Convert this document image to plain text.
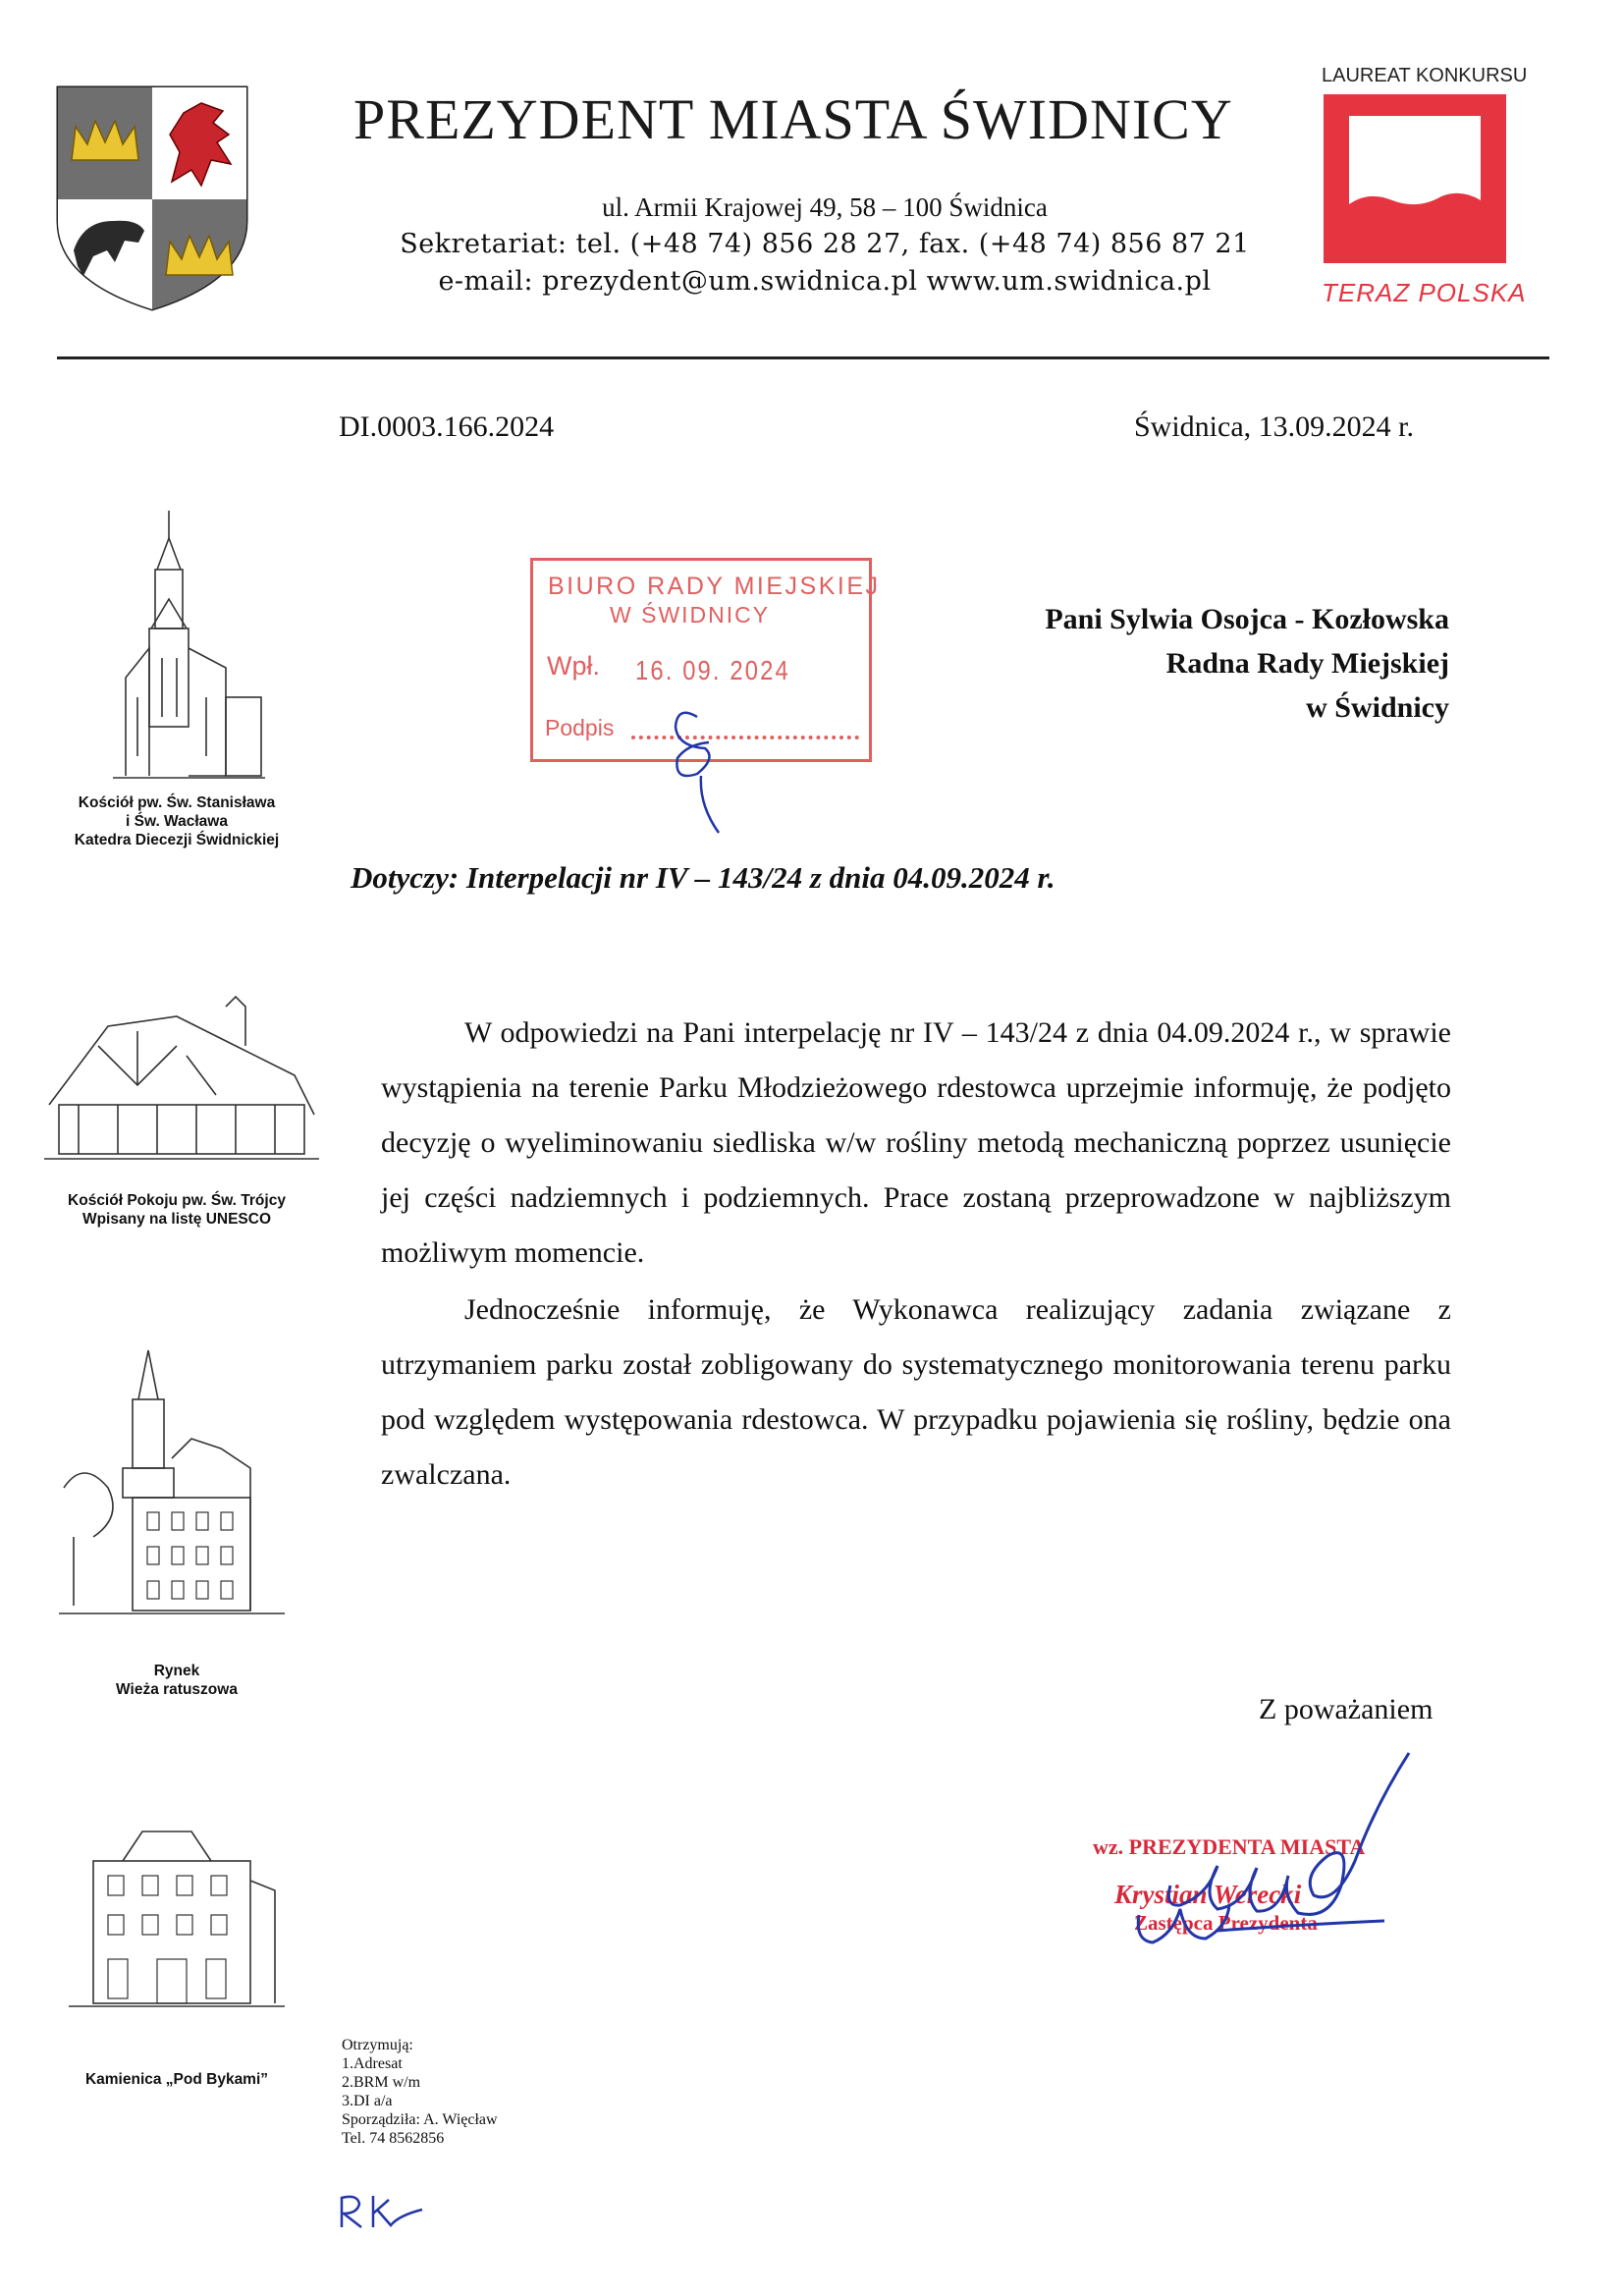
PREZYDENT MIASTA ŚWIDNICY
ul. Armii Krajowej 49, 58 – 100 Świdnica
Sekretariat: tel. (+48 74) 856 28 27, fax. (+48 74) 856 87 21
e-mail: prezydent@um.swidnica.pl www.um.swidnica.pl
LAUREAT KONKURSU
TERAZ POLSKA
DI.0003.166.2024	Świdnica, 13.09.2024 r.
Kościół pw. Św. Stanisława
i Św. Wacława
Katedra Diecezji Świdnickiej
Kościół Pokoju pw. Św. Trójcy
Wpisany na listę UNESCO
Rynek
Wieża ratuszowa
Kamienica „Pod Bykami”
BIURO RADY MIEJSKIEJ
W ŚWIDNICY
Wpł. 16. 09. 2024
Podpis
Pani Sylwia Osojca - Kozłowska
Radna Rady Miejskiej
w Świdnicy
Dotyczy: Interpelacji nr IV – 143/24 z dnia 04.09.2024 r.

W odpowiedzi na Pani interpelację nr IV – 143/24 z dnia 04.09.2024 r., w sprawie wystąpienia na terenie Parku Młodzieżowego rdestowca uprzejmie informuję, że podjęto decyzję o wyeliminowaniu siedliska w/w rośliny metodą mechaniczną poprzez usunięcie jej części nadziemnych i podziemnych. Prace zostaną przeprowadzone w najbliższym możliwym momencie.

Jednocześnie informuję, że Wykonawca realizujący zadania związane z utrzymaniem parku został zobligowany do systematycznego monitorowania terenu parku pod względem występowania rdestowca. W przypadku pojawienia się rośliny, będzie ona zwalczana.

Z poważaniem
wz. PREZYDENTA MIASTA
Krystian Werecki
Zastępca Prezydenta
Otrzymują:
1.Adresat
2.BRM w/m
3.DI a/a
Sporządziła: A. Więcław
Tel. 74 8562856
